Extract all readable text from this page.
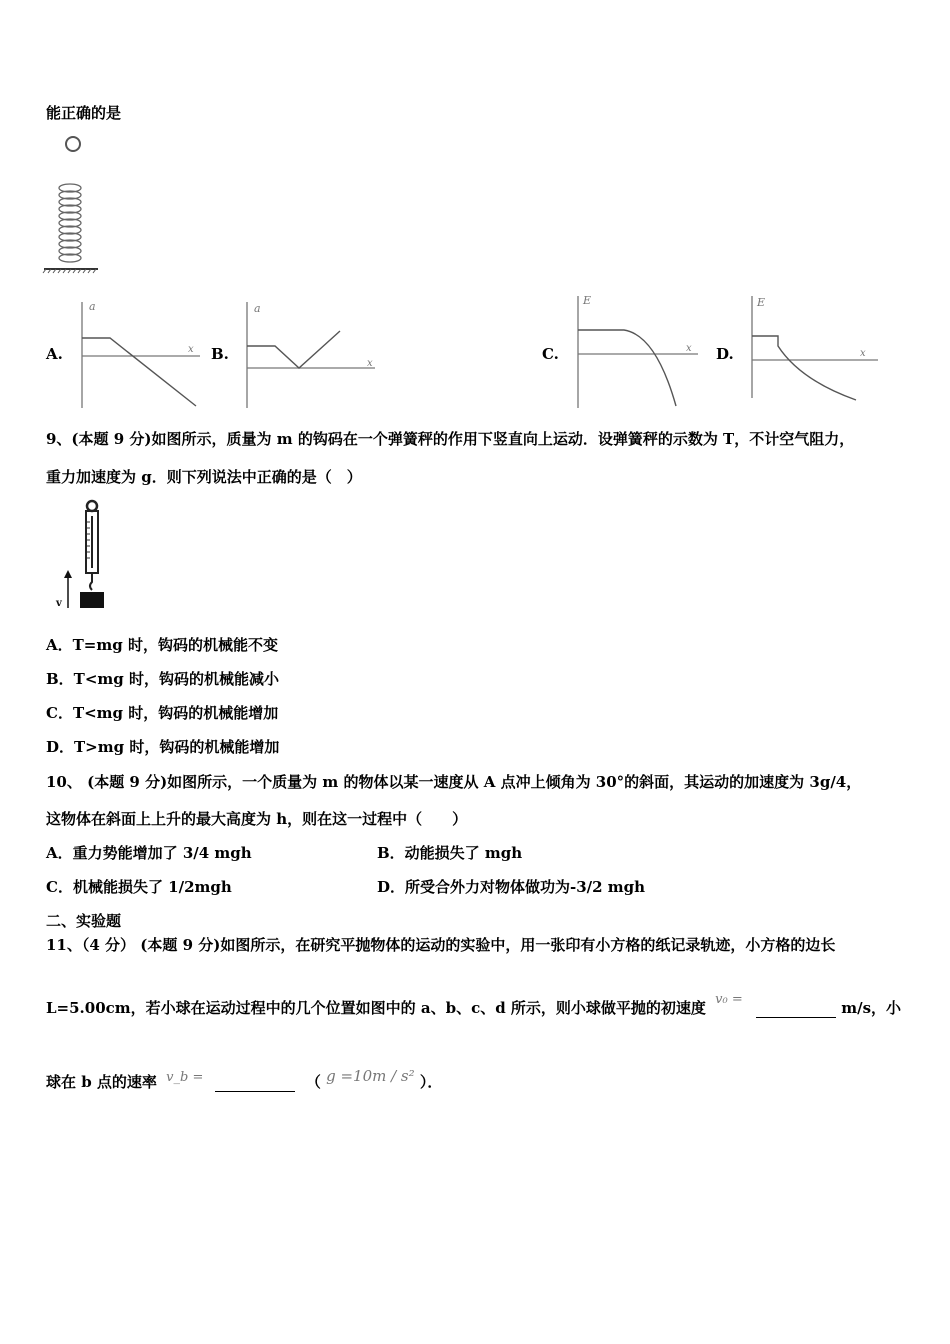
能正确的是
A.	B.	C.	D.
a
x
a
x
E
x
E
x
9、(本题 9 分)如图所示，质量为 m 的钩码在一个弹簧秤的作用下竖直向上运动．设弹簧秤的示数为 T，不计空气阻力，
重力加速度为 g．则下列说法中正确的是（　）
v
A．T=mg 时，钩码的机械能不变
B．T<mg 时，钩码的机械能减小
C．T<mg 时，钩码的机械能增加
D．T>mg 时，钩码的机械能增加
10、 (本题 9 分)如图所示，一个质量为 m 的物体以某一速度从 A 点冲上倾角为 30°的斜面，其运动的加速度为 3g/4，
这物体在斜面上上升的最大高度为 h，则在这一过程中（　　）
A．重力势能增加了 3/4 mgh	B．动能损失了 mgh
C．机械能损失了 1/2mgh	D．所受合外力对物体做功为-3/2 mgh
二、实验题
11、（4 分） (本题 9 分)如图所示，在研究平抛物体的运动的实验中，用一张印有小方格的纸记录轨迹，小方格的边长
L=5.00cm，若小球在运动过程中的几个位置如图中的 a、b、c、d 所示，则小球做平抛的初速度 v₀ =	m/s，小
球在 b 点的速率 v_b =	（ g =10m / s² ）．
